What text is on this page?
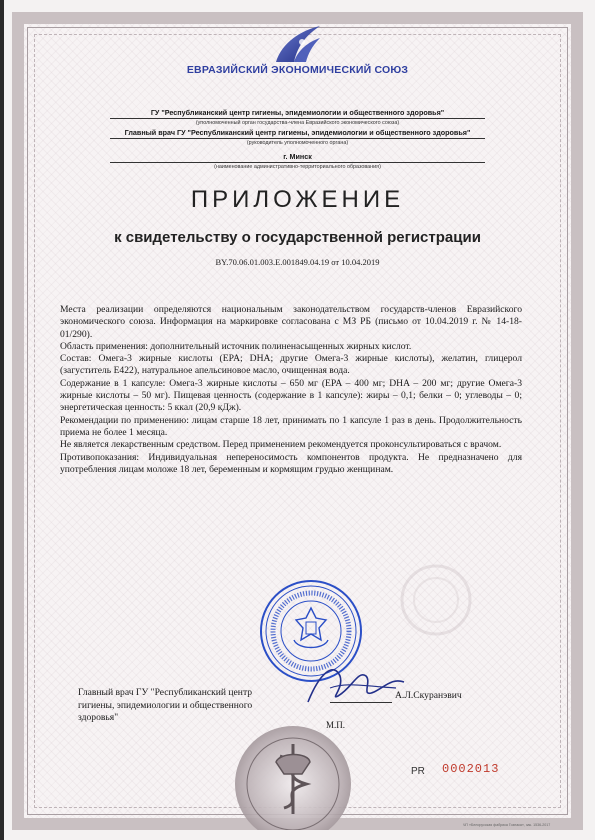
ЕВРАЗИЙСКИЙ ЭКОНОМИЧЕСКИЙ СОЮЗ
ГУ "Республиканский центр гигиены, эпидемиологии и общественного здоровья"
(уполномоченный орган государства-члена Евразийского экономического союза)
Главный врач ГУ "Республиканский центр гигиены, эпидемиологии и общественного здоровья"
(руководитель уполномоченного органа)
г. Минск
(наименование административно-территориального образования)
ПРИЛОЖЕНИЕ
к свидетельству о государственной регистрации
BY.70.06.01.003.E.001849.04.19 от 10.04.2019

Места реализации определяются национальным законодательством государств-членов Евразийского экономического союза. Информация на маркировке согласована с МЗ РБ (письмо от 10.04.2019 г. № 14-18-01/290).

Область применения: дополнительный источник полиненасыщенных жирных кислот.

Состав: Омега-3 жирные кислоты (EPA; DHA; другие Омега-3 жирные кислоты), желатин, глицерол (загуститель E422), натуральное апельсиновое масло, очищенная вода.

Содержание в 1 капсуле: Омега-3 жирные кислоты – 650 мг (EPA – 400 мг; DHA – 200 мг; другие Омега-3 жирные кислоты – 50 мг). Пищевая ценность (содержание в 1 капсуле): жиры – 0,1; белки – 0; углеводы – 0; энергетическая ценность: 5 ккал (20,9 кДж).

Рекомендации по применению: лицам старше 18 лет, принимать по 1 капсуле 1 раз в день. Продолжительность приема не более 1 месяца.

Не является лекарственным средством. Перед применением рекомендуется проконсультироваться с врачом.

Противопоказания: Индивидуальная непереносимость компонентов продукта. Не предназначено для употребления лицам моложе 18 лет, беременным и кормящим грудью женщинам.

Главный врач ГУ "Республиканский центр гигиены, эпидемиологии и общественного здоровья"
А.Л.Скуранэвич
М.П.
PR 0002013
ЧП «Белорусская фабрика Гознака», зак. 1536-2017
